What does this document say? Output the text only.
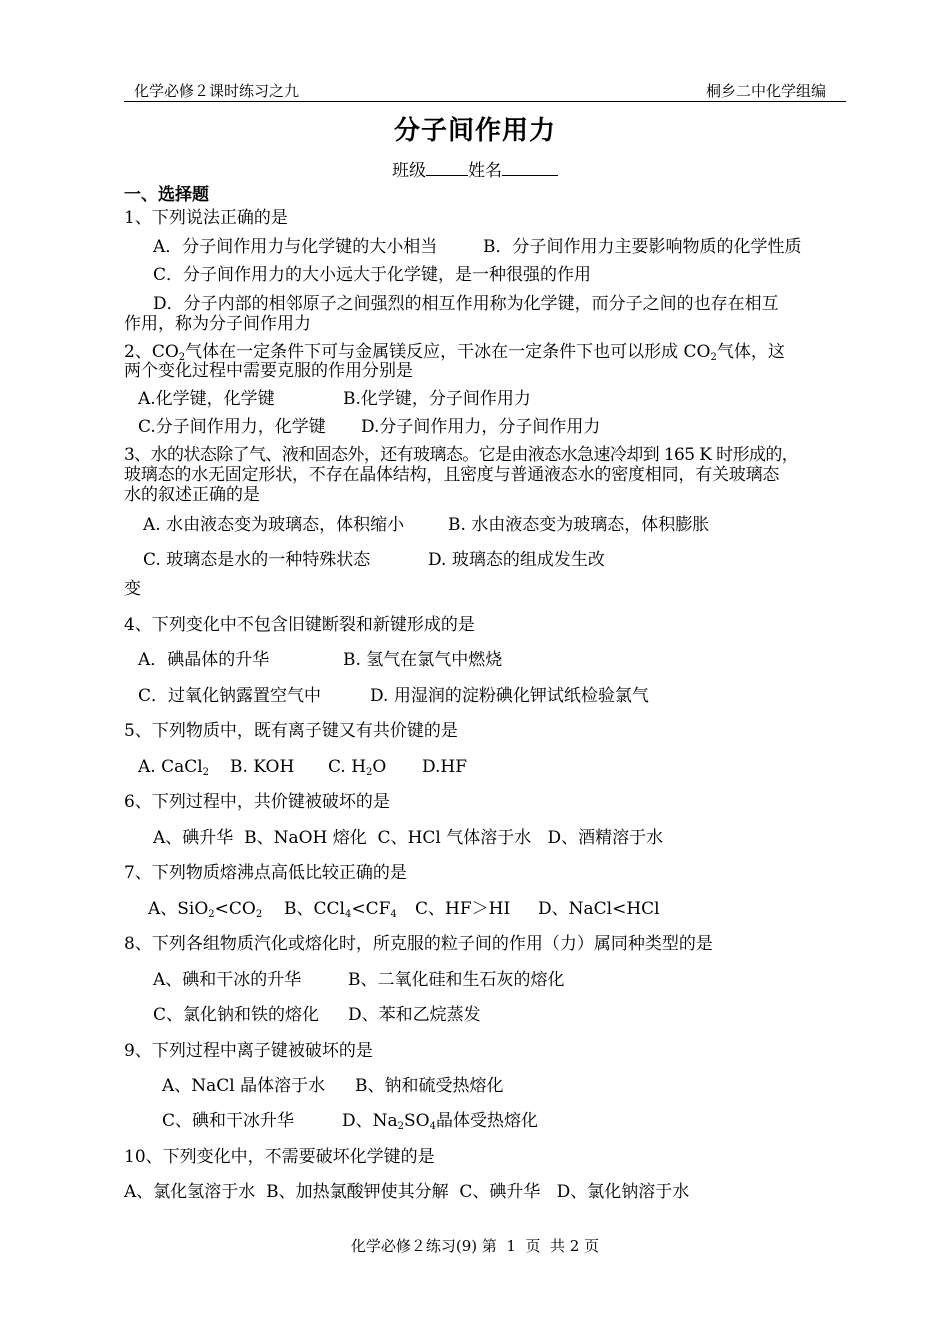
化学必修２课时练习之九	桐乡二中化学组编
分子间作用力
班级 姓名
一、选择题
1、下列说法正确的是
A．分子间作用力与化学键的大小相当	B．分子间作用力主要影响物质的化学性质
C．分子间作用力的大小远大于化学键，是一种很强的作用
D．分子内部的相邻原子之间强烈的相互作用称为化学键，而分子之间的也存在相互
作用，称为分子间作用力
2、$CO_2$气体在一定条件下可与金属镁反应，干冰在一定条件下也可以形成 $CO_2$气体，这
两个变化过程中需要克服的作用分别是
A.化学键，化学键	B.化学键，分子间作用力
C.分子间作用力，化学键 D.分子间作用力，分子间作用力
3、水的状态除了气、液和固态外，还有玻璃态。它是由液态水急速冷却到 165 K 时形成的，
玻璃态的水无固定形状，不存在晶体结构，且密度与普通液态水的密度相同，有关玻璃态
水的叙述正确的是
A. 水由液态变为玻璃态，体积缩小	B. 水由液态变为玻璃态，体积膨胀
C. 玻璃态是水的一种特殊状态	D. 玻璃态的组成发生改
变
4、下列变化中不包含旧键断裂和新键形成的是
A．碘晶体的升华	B. 氢气在氯气中燃烧
C．过氧化钠露置空气中	D. 用湿润的淀粉碘化钾试纸检验氯气
5、下列物质中，既有离子键又有共价键的是
A. CaCl$_2$ B. KOH C. $H_2O$ D.HF
6、下列过程中，共价键被破坏的是
A、碘升华  B、NaOH 熔化  C、HCl 气体溶于水   D、酒精溶于水
7、下列物质熔沸点高低比较正确的是
A、$SiO_2<CO_2$ B、$CCl_4<CF_4$ C、HF＞HI D、NaCl<HCl
8、下列各组物质汽化或熔化时，所克服的粒子间的作用（力）属同种类型的是
A、碘和干冰的升华	B、二氧化硅和生石灰的熔化
C、氯化钠和铁的熔化 D、苯和乙烷蒸发
9、下列过程中离子键被破坏的是
A、NaCl 晶体溶于水 B、钠和硫受热熔化
C、碘和干冰升华	D、$Na_2SO_4$晶体受热熔化
10、下列变化中，不需要破坏化学键的是
A、氯化氢溶于水  B、加热氯酸钾使其分解  C、碘升华   D、氯化钠溶于水
化学必修２练习(9) 第  1  页  共 2 页
